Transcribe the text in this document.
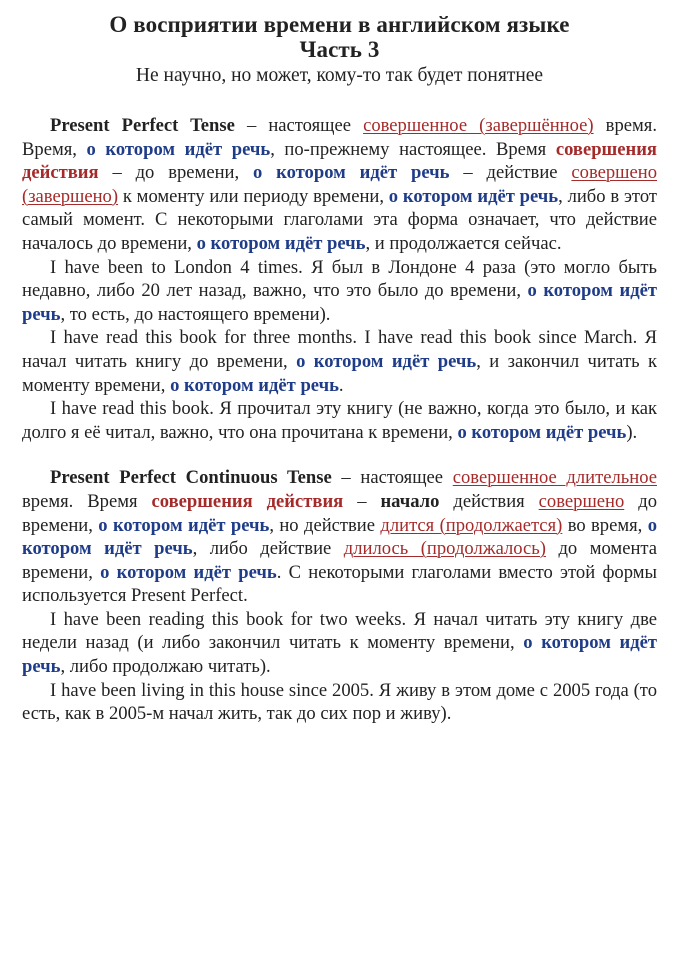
О восприятии времени в английском языке
Часть 3
Не научно, но может, кому-то так будет понятнее

Present Perfect Tense – настоящее совершенное (завершённое) время. Время, о котором идёт речь, по-прежнему настоящее. Время совершения действия – до времени, о котором идёт речь – действие совершено (завершено) к моменту или периоду времени, о котором идёт речь, либо в этот самый момент. С некоторыми глаголами эта форма означает, что действие началось до времени, о котором идёт речь, и продолжается сейчас.

I have been to London 4 times. Я был в Лондоне 4 раза (это могло быть недавно, либо 20 лет назад, важно, что это было до времени, о котором идёт речь, то есть, до настоящего времени).

I have read this book for three months. I have read this book since March. Я начал читать книгу до времени, о котором идёт речь, и закончил читать к моменту времени, о котором идёт речь.

I have read this book. Я прочитал эту книгу (не важно, когда это было, и как долго я её читал, важно, что она прочитана к времени, о котором идёт речь).

Present Perfect Continuous Tense – настоящее совершенное длительное время. Время совершения действия – начало действия совершено до времени, о котором идёт речь, но действие длится (продолжается) во время, о котором идёт речь, либо действие длилось (продолжалось) до момента времени, о котором идёт речь. С некоторыми глаголами вместо этой формы используется Present Perfect.

I have been reading this book for two weeks. Я начал читать эту книгу две недели назад (и либо закончил читать к моменту времени, о котором идёт речь, либо продолжаю читать).

I have been living in this house since 2005. Я живу в этом доме с 2005 года (то есть, как в 2005-м начал жить, так до сих пор и живу).
